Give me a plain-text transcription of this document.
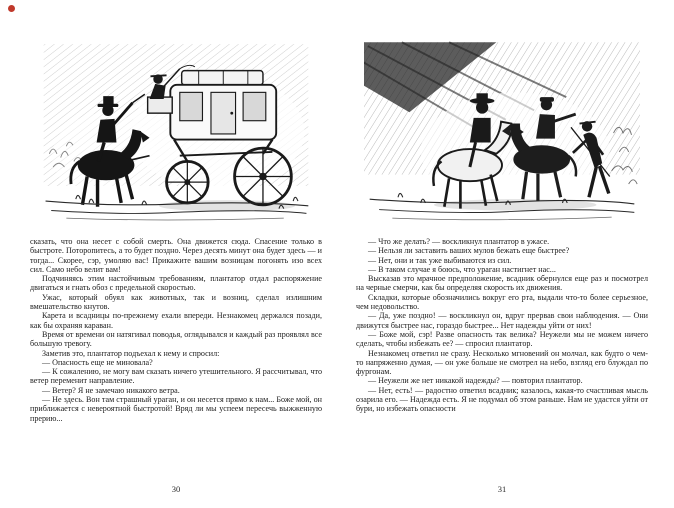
сказать, что она несет с собой смерть. Она движется сюда. Спасение только в быстроте. Поторопитесь, а то будет поздно. Через десять минут она будет здесь — и тогда... Скорее, сэр, умоляю вас! Прикажите вашим возницам погонять изо всех сил. Само небо велит вам!

Подчиняясь этим настойчивым требованиям, плантатор отдал распоряжение двигаться и гнать обоз с предельной скоростью.

Ужас, который обуял как животных, так и возниц, сделал излишним вмешательство кнутов.

Карета и всадницы по-прежнему ехали впереди. Незнакомец держался позади, как бы охраняя караван.

Время от времени он натягивал поводья, оглядывался и каждый раз проявлял все большую тревогу.

Заметив это, плантатор подъехал к нему и спросил:

— Опасность еще не миновала?

— К сожалению, не могу вам сказать ничего утешительного. Я рассчитывал, что ветер переменит направление.

— Ветер? Я не замечаю никакого ветра.

— Не здесь. Вон там страшный ураган, и он несется прямо к нам... Боже мой, он приближается с невероятной быстротой! Вряд ли мы успеем пересечь выжженную прерию...

30

— Что же делать? — воскликнул плантатор в ужасе.

— Нельзя ли заставить ваших мулов бежать еще быстрее?

— Нет, они и так уже выбиваются из сил.

— В таком случае я боюсь, что ураган настигнет нас...

Высказав это мрачное предположение, всадник обернулся еще раз и посмотрел на черные смерчи, как бы определяя скорость их движения.

Складки, которые обозначились вокруг его рта, выдали что-то более серьезное, чем недовольство.

— Да, уже поздно! — воскликнул он, вдруг прервав свои наблюдения. — Они движутся быстрее нас, гораздо быстрее... Нет надежды уйти от них!

— Боже мой, сэр! Разве опасность так велика? Неужели мы не можем ничего сделать, чтобы избежать ее? — спросил плантатор.

Незнакомец ответил не сразу. Несколько мгновений он молчал, как будто о чем-то напряженно думая, — он уже больше не смотрел на небо, взгляд его блуждал по фургонам.

— Неужели же нет никакой надежды? — повторил плантатор.

— Нет, есть! — радостно ответил всадник; казалось, какая-то счастливая мысль озарила его. — Надежда есть. Я не подумал об этом раньше. Нам не удастся уйти от бури, но избежать опасности

31
